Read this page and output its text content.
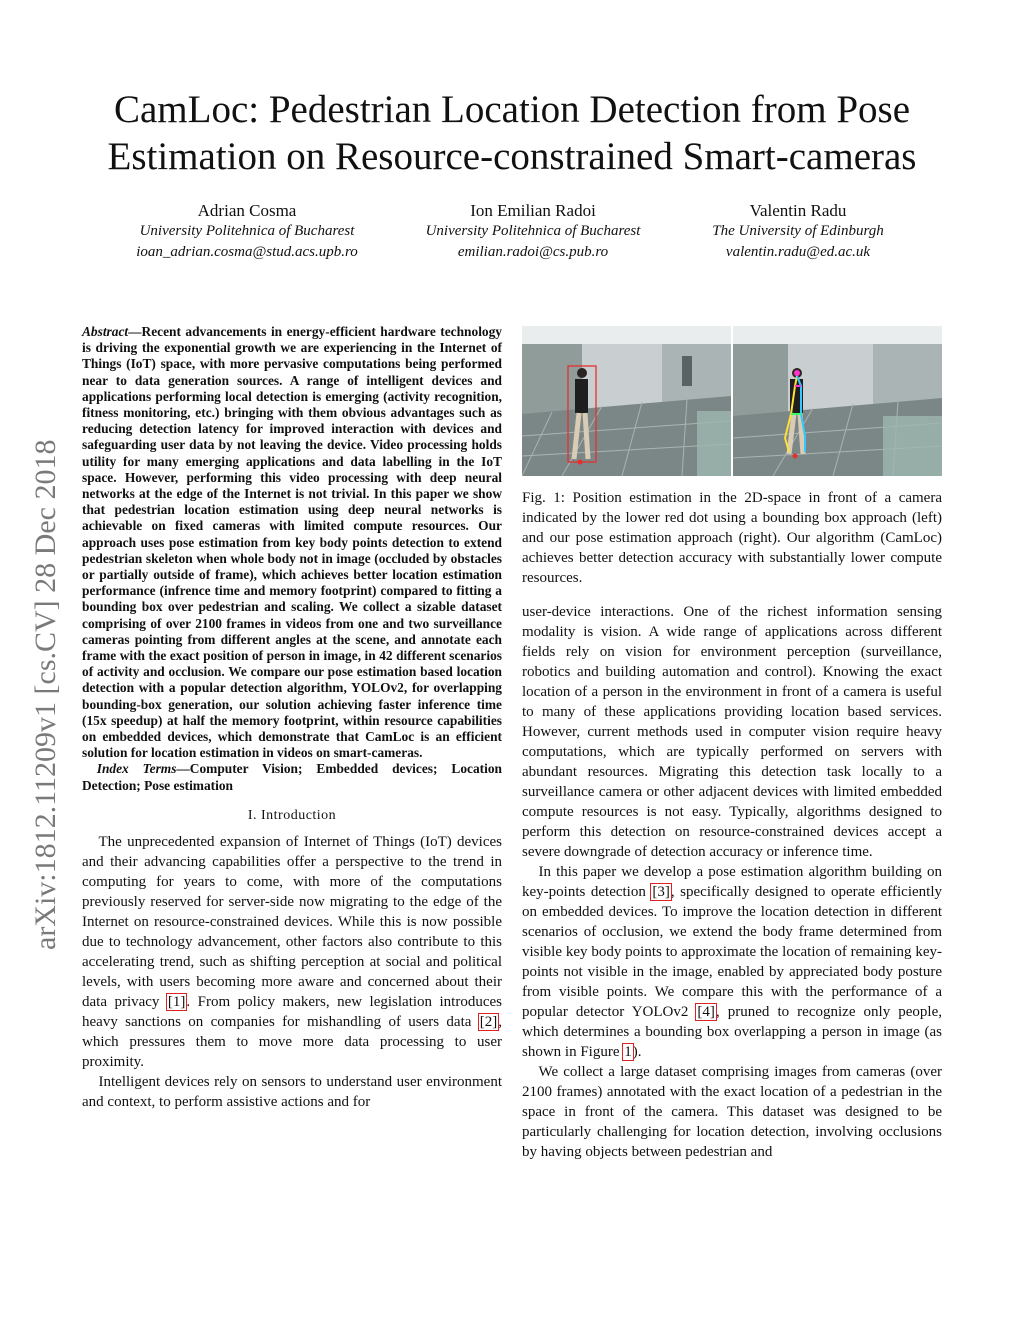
CamLoc: Pedestrian Location Detection from Pose Estimation on Resource-constrained Smart-cameras
Adrian Cosma
University Politehnica of Bucharest
ioan_adrian.cosma@stud.acs.upb.ro
Ion Emilian Radoi
University Politehnica of Bucharest
emilian.radoi@cs.pub.ro
Valentin Radu
The University of Edinburgh
valentin.radu@ed.ac.uk
arXiv:1812.11209v1 [cs.CV] 28 Dec 2018

Abstract—Recent advancements in energy-efficient hardware technology is driving the exponential growth we are experiencing in the Internet of Things (IoT) space, with more pervasive computations being performed near to data generation sources. A range of intelligent devices and applications performing local detection is emerging (activity recognition, fitness monitoring, etc.) bringing with them obvious advantages such as reducing detection latency for improved interaction with devices and safeguarding user data by not leaving the device. Video processing holds utility for many emerging applications and data labelling in the IoT space. However, performing this video processing with deep neural networks at the edge of the Internet is not trivial. In this paper we show that pedestrian location estimation using deep neural networks is achievable on fixed cameras with limited compute resources. Our approach uses pose estimation from key body points detection to extend pedestrian skeleton when whole body not in image (occluded by obstacles or partially outside of frame), which achieves better location estimation performance (infrence time and memory footprint) compared to fitting a bounding box over pedestrian and scaling. We collect a sizable dataset comprising of over 2100 frames in videos from one and two surveillance cameras pointing from different angles at the scene, and annotate each frame with the exact position of person in image, in 42 different scenarios of activity and occlusion. We compare our pose estimation based location detection with a popular detection algorithm, YOLOv2, for overlapping bounding-box generation, our solution achieving faster inference time (15x speedup) at half the memory footprint, within resource capabilities on embedded devices, which demonstrate that CamLoc is an efficient solution for location estimation in videos on smart-cameras.

Index Terms—Computer Vision; Embedded devices; Location Detection; Pose estimation

I. Introduction

The unprecedented expansion of Internet of Things (IoT) devices and their advancing capabilities offer a perspective to the trend in computing for years to come, with more of the computations previously reserved for server-side now migrating to the edge of the Internet on resource-constrained devices. While this is now possible due to technology advancement, other factors also contribute to this accelerating trend, such as shifting perception at social and political levels, with users becoming more aware and concerned about their data privacy [1]. From policy makers, new legislation introduces heavy sanctions on companies for mishandling of users data [2], which pressures them to move more data processing to user proximity.

Intelligent devices rely on sensors to understand user environment and context, to perform assistive actions and for

Fig. 1: Position estimation in the 2D-space in front of a camera indicated by the lower red dot using a bounding box approach (left) and our pose estimation approach (right). Our algorithm (CamLoc) achieves better detection accuracy with substantially lower compute resources.

user-device interactions. One of the richest information sensing modality is vision. A wide range of applications across different fields rely on vision for environment perception (surveillance, robotics and building automation and control). Knowing the exact location of a person in the environment in front of a camera is useful to many of these applications providing location based services. However, current methods used in computer vision require heavy computations, which are typically performed on servers with abundant resources. Migrating this detection task locally to a surveillance camera or other adjacent devices with limited embedded compute resources is not easy. Typically, algorithms designed to perform this detection on resource-constrained devices accept a severe downgrade of detection accuracy or inference time.

In this paper we develop a pose estimation algorithm building on key-points detection [3], specifically designed to operate efficiently on embedded devices. To improve the location detection in different scenarios of occlusion, we extend the body frame determined from visible key body points to approximate the location of remaining key-points not visible in the image, enabled by appreciated body posture from visible points. We compare this with the performance of a popular detector YOLOv2 [4], pruned to recognize only people, which determines a bounding box overlapping a person in image (as shown in Figure 1).

We collect a large dataset comprising images from cameras (over 2100 frames) annotated with the exact location of a pedestrian in the space in front of the camera. This dataset was designed to be particularly challenging for location detection, involving occlusions by having objects between pedestrian and
